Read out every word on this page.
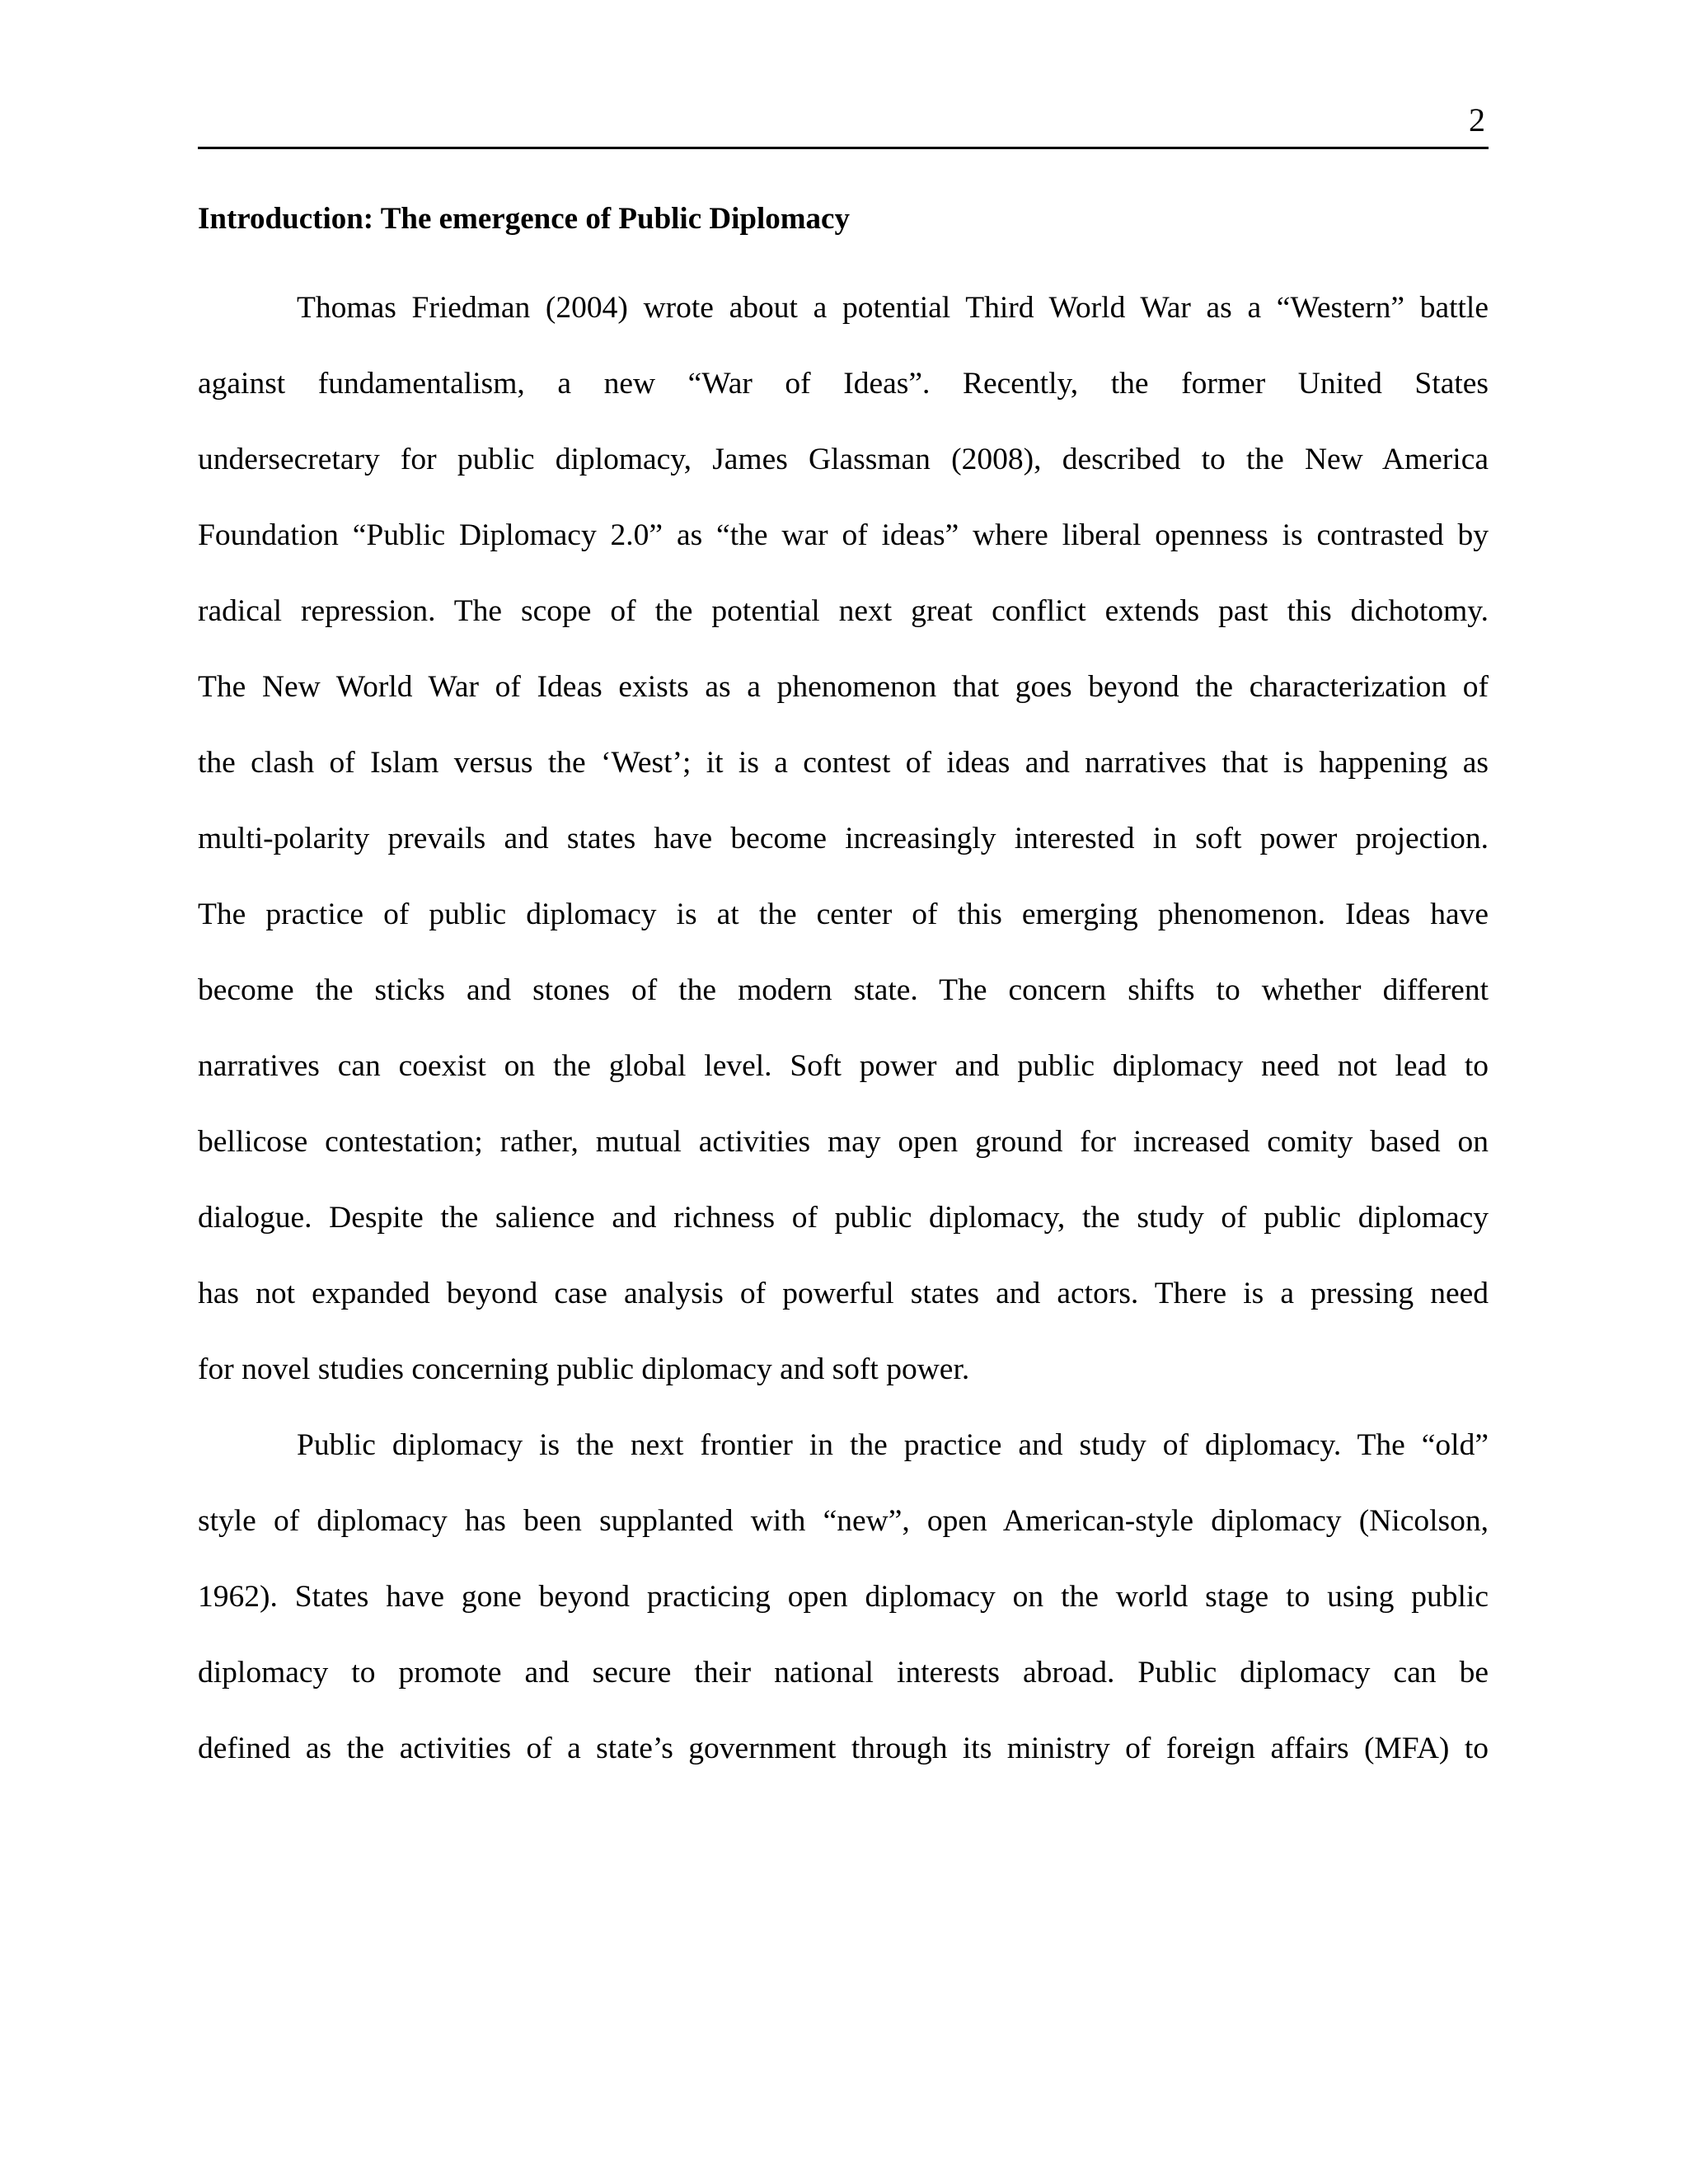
2
Introduction: The emergence of Public Diplomacy
Thomas Friedman (2004) wrote about a potential Third World War as a “Western” battle
against fundamentalism, a new “War of Ideas”. Recently, the former United States
undersecretary for public diplomacy, James Glassman (2008), described to the New America
Foundation “Public Diplomacy 2.0” as “the war of ideas” where liberal openness is contrasted by
radical repression. The scope of the potential next great conflict extends past this dichotomy.
The New World War of Ideas exists as a phenomenon that goes beyond the characterization of
the clash of Islam versus the ‘West’; it is a contest of ideas and narratives that is happening as
multi-polarity prevails and states have become increasingly interested in soft power projection.
The practice of public diplomacy is at the center of this emerging phenomenon. Ideas have
become the sticks and stones of the modern state. The concern shifts to whether different
narratives can coexist on the global level. Soft power and public diplomacy need not lead to
bellicose contestation; rather, mutual activities may open ground for increased comity based on
dialogue. Despite the salience and richness of public diplomacy, the study of public diplomacy
has not expanded beyond case analysis of powerful states and actors. There is a pressing need
for novel studies concerning public diplomacy and soft power.
Public diplomacy is the next frontier in the practice and study of diplomacy. The “old”
style of diplomacy has been supplanted with “new”, open American-style diplomacy (Nicolson,
1962). States have gone beyond practicing open diplomacy on the world stage to using public
diplomacy to promote and secure their national interests abroad. Public diplomacy can be
defined as the activities of a state’s government through its ministry of foreign affairs (MFA) to
